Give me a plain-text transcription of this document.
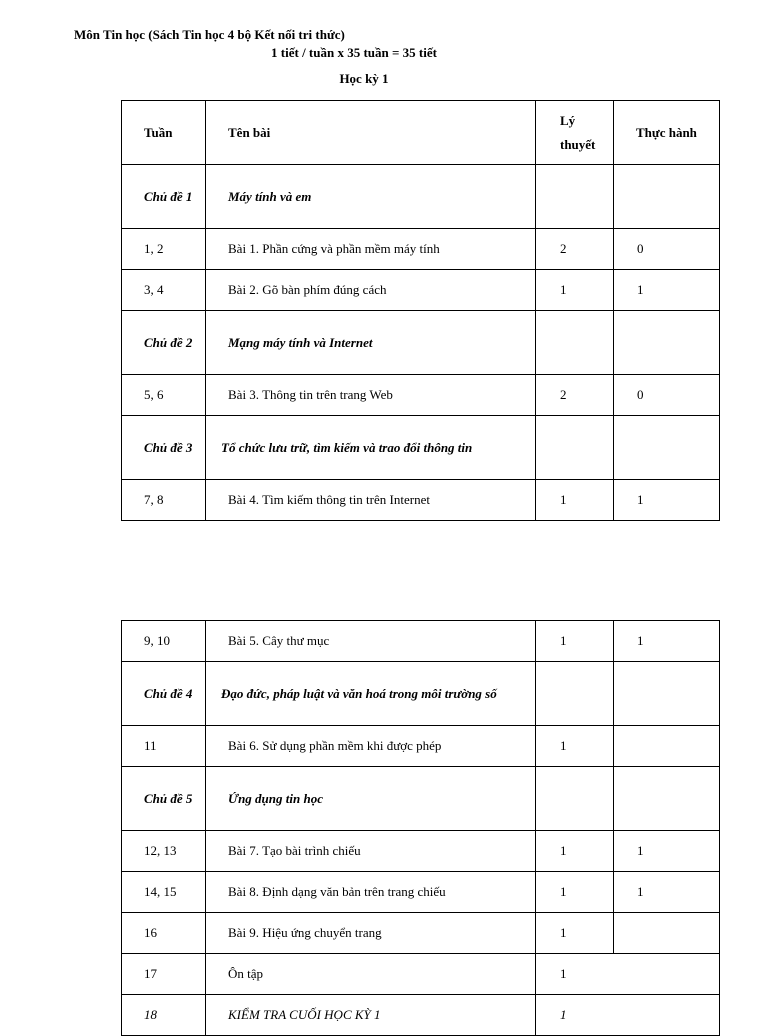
Môn Tin học (Sách Tin học 4 bộ Kết nối tri thức)
1 tiết / tuần x 35 tuần = 35 tiết
Học kỳ 1
Tuần	Tên bài	Lý thuyết	Thực hành
Chủ đề 1	Máy tính và em		
1, 2	Bài 1. Phần cứng và phần mềm máy tính	2	0
3, 4	Bài 2. Gõ bàn phím đúng cách	1	1
Chủ đề 2	Mạng máy tính và Internet		
5, 6	Bài 3. Thông tin trên trang Web	2	0
Chủ đề 3	Tổ chức lưu trữ, tìm kiếm và trao đổi thông tin		
7, 8	Bài 4. Tìm kiếm thông tin trên Internet	1	1
9, 10	Bài 5. Cây thư mục	1	1
Chủ đề 4	Đạo đức, pháp luật và văn hoá trong môi trường số		
11	Bài 6. Sử dụng phần mềm khi được phép	1	
Chủ đề 5	Ứng dụng tin học		
12, 13	Bài 7. Tạo bài trình chiếu	1	1
14, 15	Bài 8. Định dạng văn bản trên trang chiếu	1	1
16	Bài 9. Hiệu ứng chuyển trang	1	
17	Ôn tập	1	
18	KIỂM TRA CUỐI HỌC KỲ 1	1	
